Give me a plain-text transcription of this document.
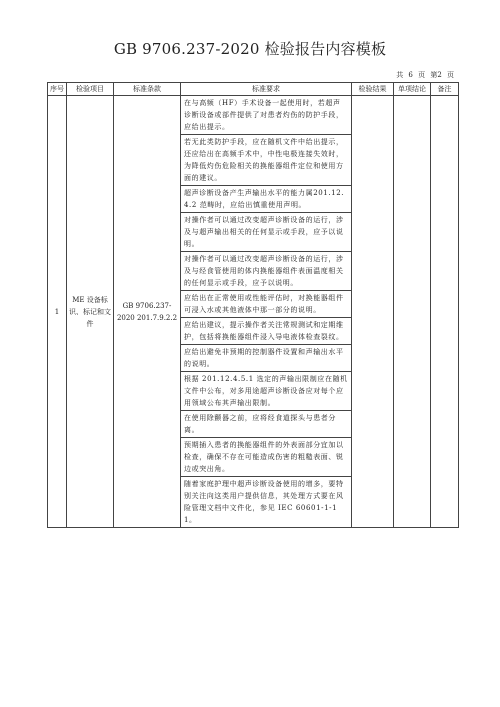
GB 9706.237-2020 检验报告内容模板
共 6 页 第2 页
序号	检验项目	标准条款	标准要求	检验结果	单项结论	备注
1	ME 设备标识、标记和文件	GB 9706.237-2020 201.7.9.2.2	在与高频（HF）手术设备一起使用时，若超声诊断设备或部件提供了对患者灼伤的防护手段，应给出提示。			
			若无此类防护手段，应在随机文件中给出提示，还应给出在高频手术中，中性电极连接失效时，为降低灼伤危险相关的换能器组件定位和使用方面的建议。			
			超声诊断设备产生声输出水平的能力属201.12.4.2 范畴时，应给出慎重使用声明。			
			对操作者可以通过改变超声诊断设备的运行，涉及与超声输出相关的任何显示或手段，应予以说明。			
			对操作者可以通过改变超声诊断设备的运行，涉及与经食管使用的体内换能器组件表面温度相关的任何显示或手段，应予以说明。			
			应给出在正常使用或性能评估时，对换能器组件可浸入水或其他液体中那一部分的说明。			
			应给出建议，提示操作者关注常规测试和定期维护，包括将换能器组件浸入导电液体检查裂纹。			
			应给出避免非预期的控制器件设置和声输出水平的说明。			
			根据 201.12.4.5.1 选定的声输出限制应在随机文件中公布，对多用途超声诊断设备应对每个应用领域公布其声输出限制。			
			在使用除颤器之前，应将经食道探头与患者分离。			
			预期插入患者的换能器组件的外表面部分宜加以检查，确保不存在可能造成伤害的粗糙表面、锐边或突出角。			
			随着家庭护理中超声诊断设备使用的增多，要特别关注向这类用户提供信息，其处理方式要在风险管理文档中文件化，参见 IEC 60601-1-11。			
